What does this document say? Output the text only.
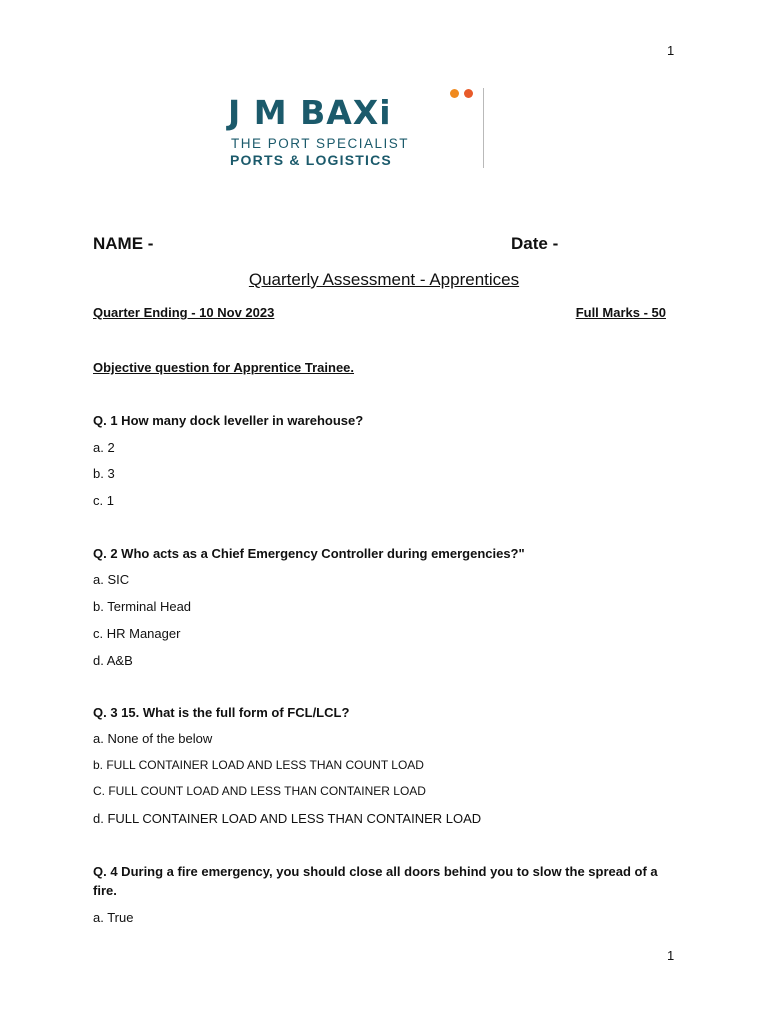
1
J M BAXi
THE PORT SPECIALIST
PORTS & LOGISTICS
NAME -	Date -
Quarterly Assessment - Apprentices
Quarter Ending - 10 Nov 2023	Full Marks - 50
Objective question for Apprentice Trainee.
Q. 1 How many dock leveller in warehouse?
a. 2
b. 3
c. 1
Q. 2 Who acts as a Chief Emergency Controller during emergencies?"
a. SIC
b. Terminal Head
c. HR Manager
d. A&B
Q. 3 15. What is the full form of FCL/LCL?
a. None of the below
b. FULL CONTAINER LOAD AND LESS THAN COUNT LOAD
C. FULL COUNT LOAD AND LESS THAN CONTAINER LOAD
d. FULL CONTAINER LOAD AND LESS THAN CONTAINER LOAD
Q. 4 During a fire emergency, you should close all doors behind you to slow the spread of a fire.
a. True
1
